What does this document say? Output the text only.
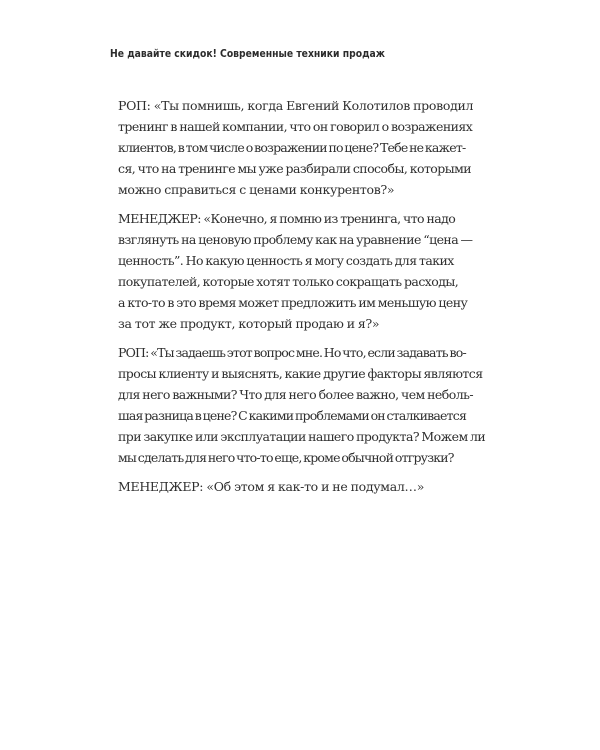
Не давайте скидок! Современные техники продаж

РОП: «Ты помнишь, когда Евгений Колотилов проводил
тренинг в нашей компании, что он говорил о возражениях
клиентов, в том числе о возражении по цене? Тебе не кажет-
ся, что на тренинге мы уже разбирали способы, которыми
можно справиться с ценами конкурентов?»

МЕНЕДЖЕР: «Конечно, я помню из тренинга, что надо
взглянуть на ценовую проблему как на уравнение “цена —
ценность”. Но какую ценность я могу создать для таких
покупателей, которые хотят только сокращать расходы,
а кто-то в это время может предложить им меньшую цену
за тот же продукт, который продаю и я?»

РОП: «Ты задаешь этот вопрос мне. Но что, если задавать во-
просы клиенту и выяснять, какие другие факторы являются
для него важными? Что для него более важно, чем неболь-
шая разница в цене? С какими проблемами он сталкивается
при закупке или эксплуатации нашего продукта? Можем ли
мы сделать для него что-то еще, кроме обычной отгрузки?

МЕНЕДЖЕР: «Об этом я как-то и не подумал…»
